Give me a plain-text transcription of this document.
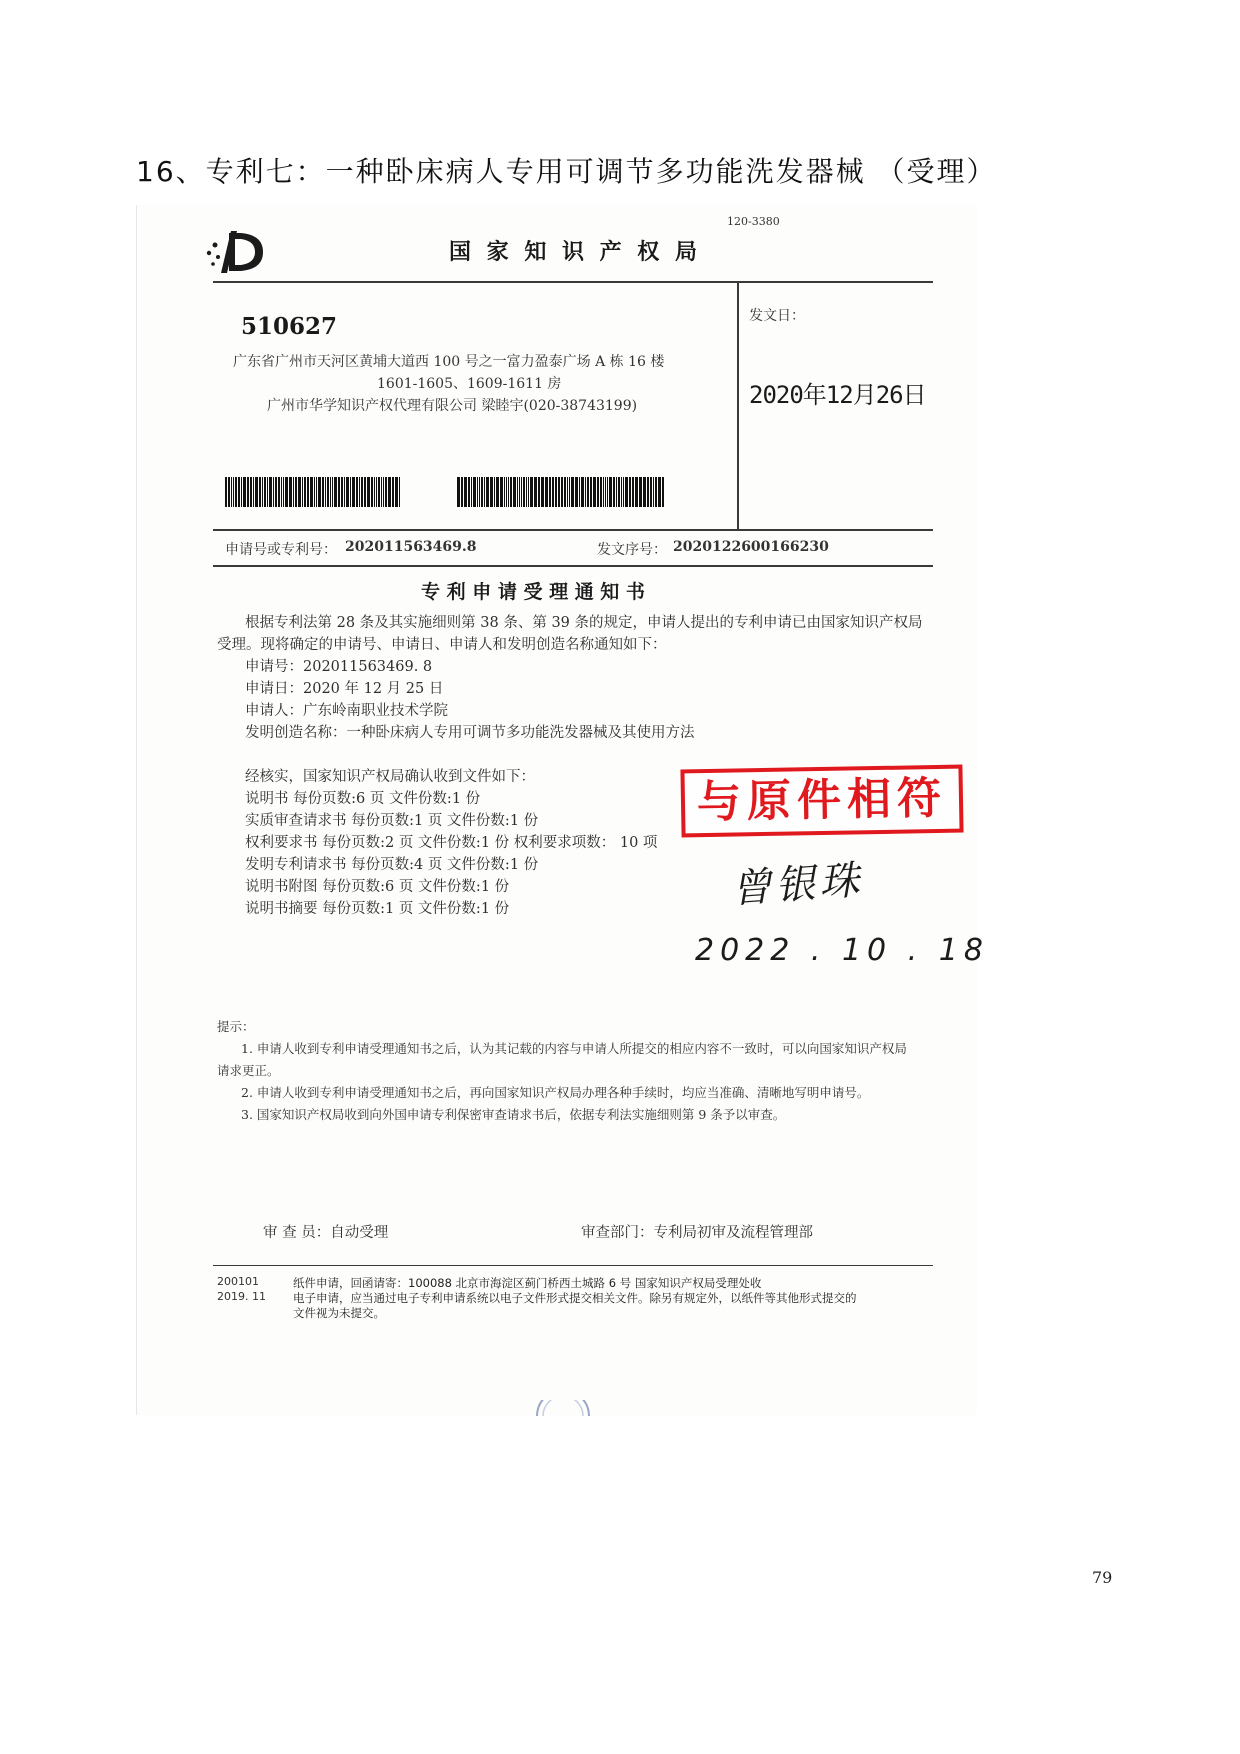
16、专利七：一种卧床病人专用可调节多功能洗发器械 （受理）
120-3380
国 家 知 识 产 权 局
510627
广东省广州市天河区黄埔大道西 100 号之一富力盈泰广场 A 栋 16 楼
1601-1605、1609-1611 房
广州市华学知识产权代理有限公司 梁睦宇(020-38743199)
发文日：
2020年12月26日
申请号或专利号： 202011563469.8	发文序号： 2020122600166230
专 利 申 请 受 理 通 知 书
根据专利法第 28 条及其实施细则第 38 条、第 39 条的规定，申请人提出的专利申请已由国家知识产权局
受理。现将确定的申请号、申请日、申请人和发明创造名称通知如下：
申请号：202011563469. 8
申请日：2020 年 12 月 25 日
申请人：广东岭南职业技术学院
发明创造名称：一种卧床病人专用可调节多功能洗发器械及其使用方法
经核实，国家知识产权局确认收到文件如下：
说明书 每份页数:6 页 文件份数:1 份
实质审查请求书 每份页数:1 页 文件份数:1 份
权利要求书 每份页数:2 页 文件份数:1 份 权利要求项数： 10 项
发明专利请求书 每份页数:4 页 文件份数:1 份
说明书附图 每份页数:6 页 文件份数:1 份
说明书摘要 每份页数:1 页 文件份数:1 份
与原件相符
曾银珠
2022 . 10 . 18
提示：
1. 申请人收到专利申请受理通知书之后，认为其记载的内容与申请人所提交的相应内容不一致时，可以向国家知识产权局
请求更正。
2. 申请人收到专利申请受理通知书之后，再向国家知识产权局办理各种手续时，均应当准确、清晰地写明申请号。
3. 国家知识产权局收到向外国申请专利保密审查请求书后，依据专利法实施细则第 9 条予以审查。
审 查 员：自动受理	审查部门：专利局初审及流程管理部
200101
2019. 11
纸件申请，回函请寄：100088 北京市海淀区蓟门桥西土城路 6 号 国家知识产权局受理处收
电子申请，应当通过电子专利申请系统以电子文件形式提交相关文件。除另有规定外，以纸件等其他形式提交的
文件视为未提交。
79
